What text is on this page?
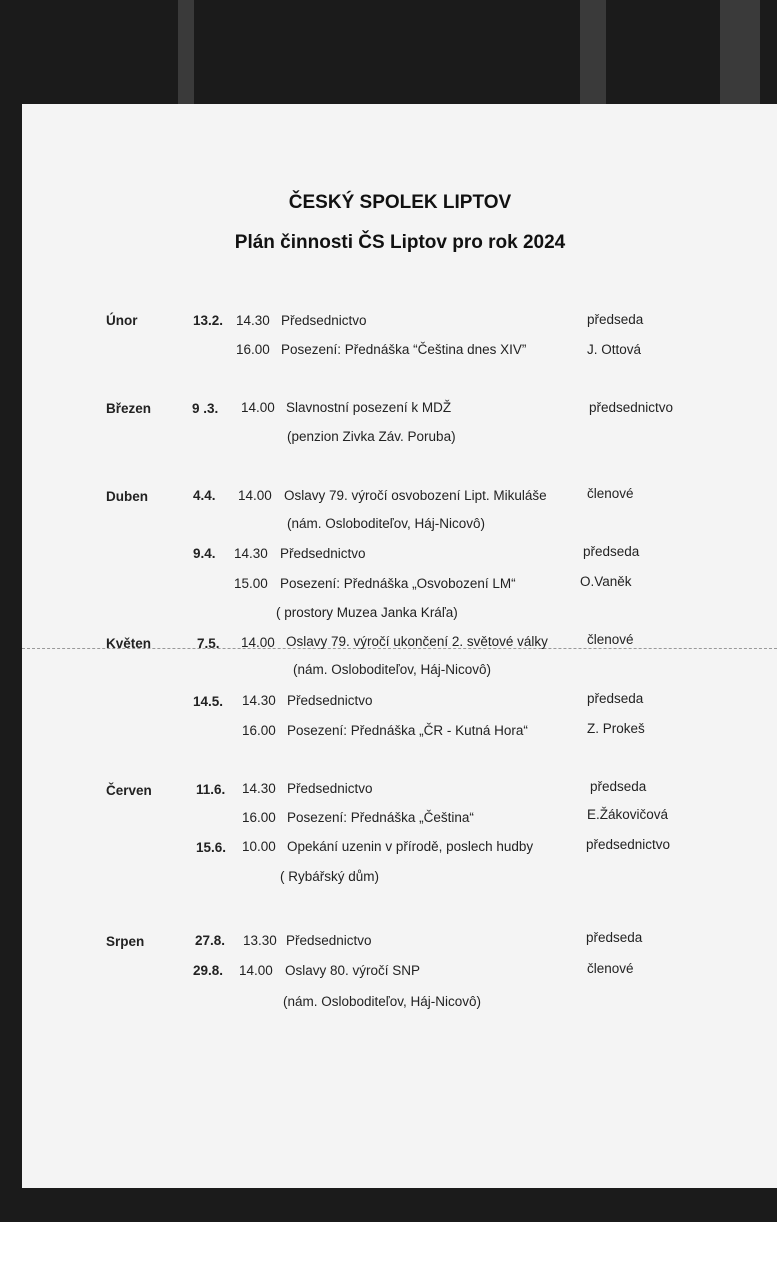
ČESKÝ SPOLEK LIPTOV
Plán činnosti ČS Liptov pro rok 2024
Únor	13.2. 14.30 Předsednictvo	předseda
16.00 Posezení: Přednáška “Čeština dnes XIV”	J. Ottová
Březen	9 .3. 14.00 Slavnostní posezení k MDŽ	předsednictvo
(penzion Zivka Záv. Poruba)
Duben	4.4. 14.00 Oslavy 79. výročí osvobození Lipt. Mikuláše	členové
(nám. Osloboditeľov, Háj-Nicovô)
9.4. 14.30 Předsednictvo	předseda
15.00 Posezení: Přednáška „Osvobození LM“	O.Vaněk
( prostory Muzea Janka Kráľa)
Květen	7.5. 14.00 Oslavy 79. výročí ukončení 2. světové války	členové
(nám. Osloboditeľov, Háj-Nicovô)
14.5. 14.30 Předsednictvo	předseda
16.00 Posezení: Přednáška „ČR - Kutná Hora“	Z. Prokeš
Červen	11.6. 14.30 Předsednictvo	předseda
16.00 Posezení: Přednáška „Čeština“	E.Žákovičová
15.6. 10.00 Opekání uzenin v přírodě, poslech hudby	předsednictvo
( Rybářský dům)
Srpen	27.8. 13.30 Předsednictvo	předseda
29.8. 14.00 Oslavy 80. výročí SNP	členové
(nám. Osloboditeľov, Háj-Nicovô)
